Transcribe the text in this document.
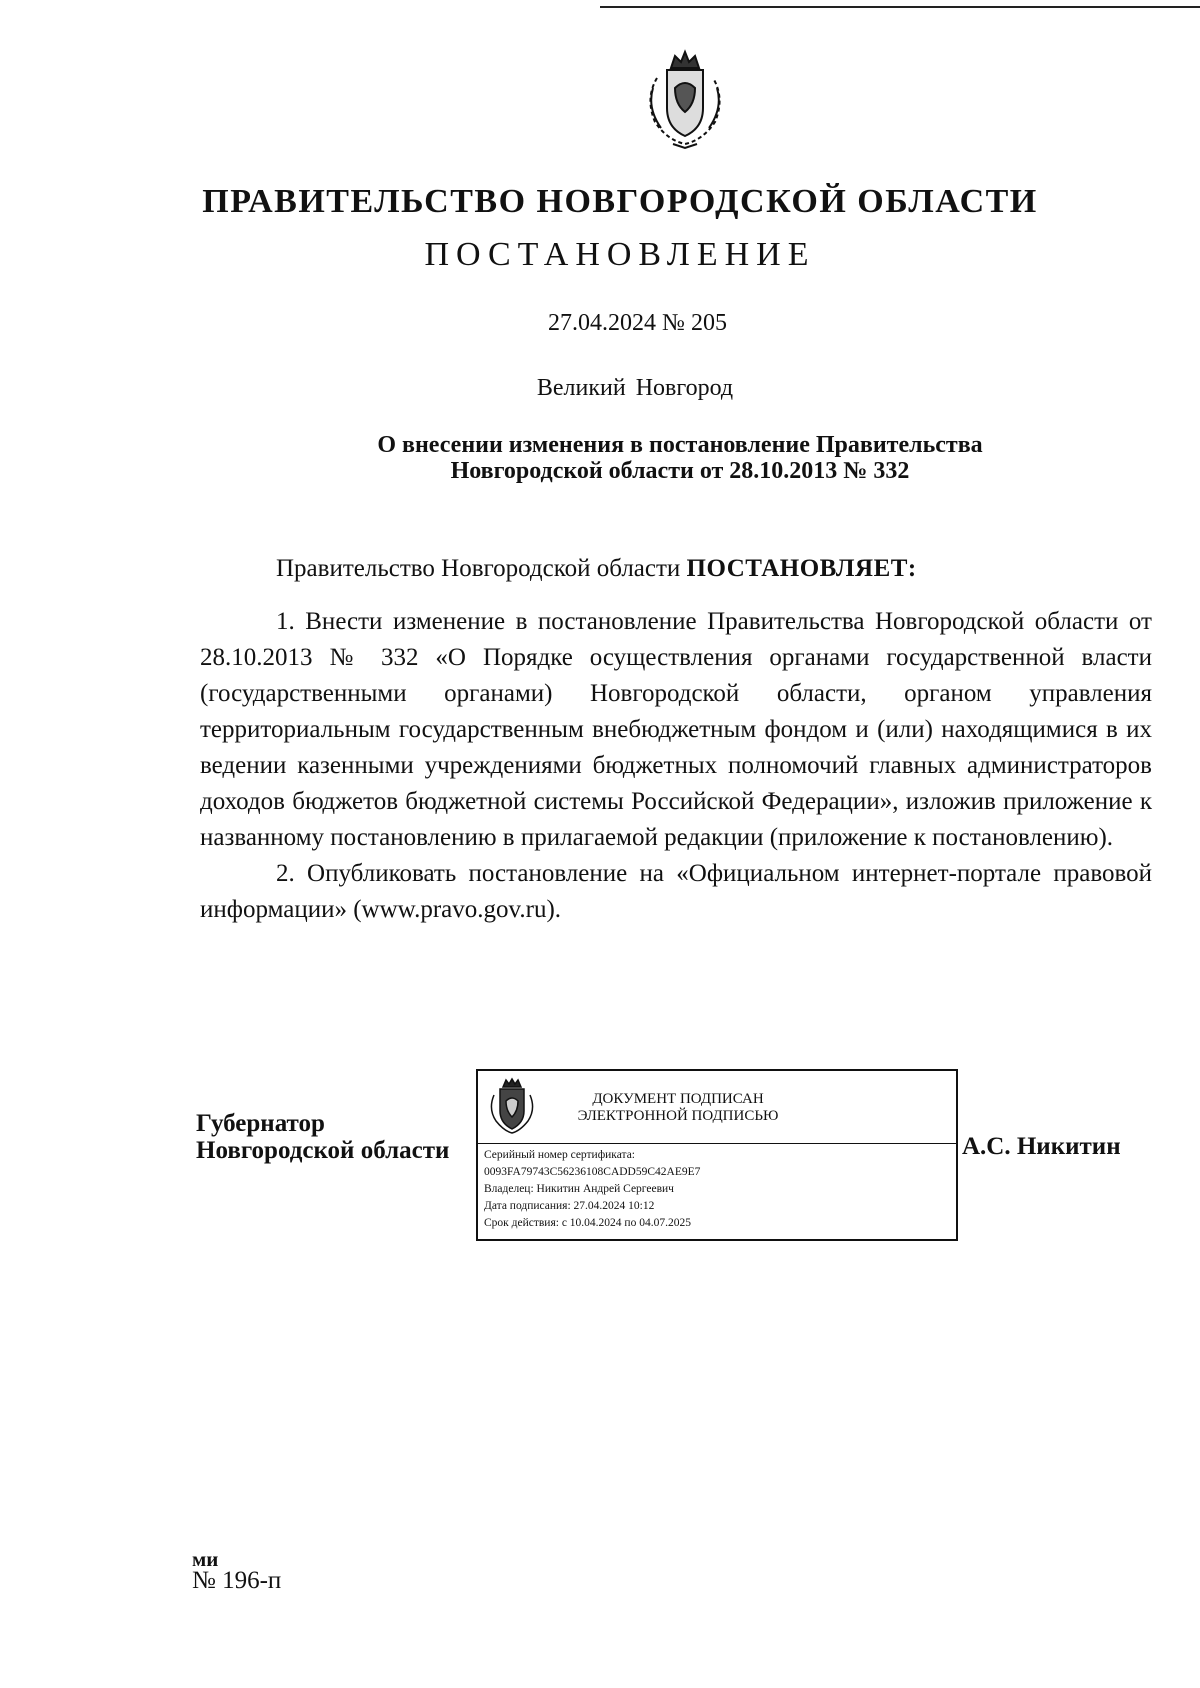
ПРАВИТЕЛЬСТВО НОВГОРОДСКОЙ ОБЛАСТИ
ПОСТАНОВЛЕНИЕ
27.04.2024 № 205
Великий Новгород
О внесении изменения в постановление Правительства
Новгородской области от 28.10.2013 № 332
Правительство Новгородской области ПОСТАНОВЛЯЕТ:

1. Внести изменение в постановление Правительства Новгородской области от 28.10.2013 № 332 «О Порядке осуществления органами государственной власти (государственными органами) Новгородской области, органом управления территориальным государственным внебюджетным фондом и (или) находящимися в их ведении казенными учреждениями бюджетных полномочий главных администраторов доходов бюджетов бюджетной системы Российской Федерации», изложив приложение к названному постановлению в прилагаемой редакции (приложение к постановлению).

2. Опубликовать постановление на «Официальном интернет-портале правовой информации» (www.pravo.gov.ru).

Губернатор
Новгородской области
ДОКУМЕНТ ПОДПИСАН
ЭЛЕКТРОННОЙ ПОДПИСЬЮ
Серийный номер сертификата:
0093FA79743C56236108CADD59C42AE9E7
Владелец: Никитин Андрей Сергеевич
Дата подписания: 27.04.2024 10:12
Срок действия: с 10.04.2024 по 04.07.2025
А.С. Никитин
ми
№ 196-п
